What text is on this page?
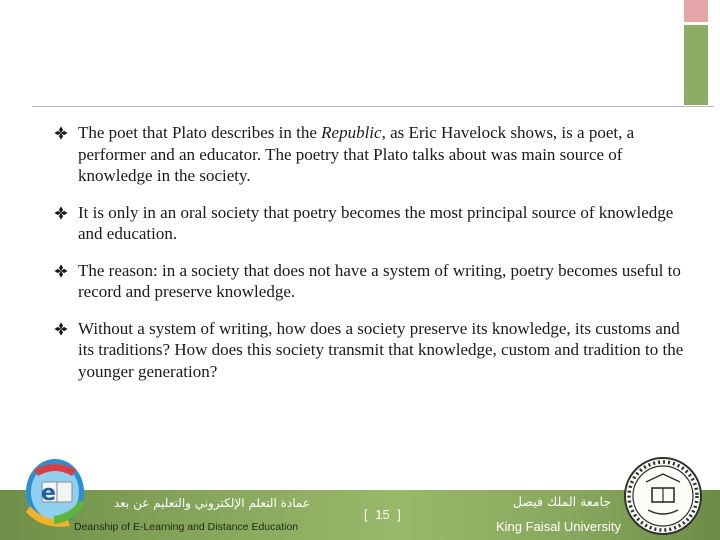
The poet that Plato describes in the Republic, as Eric Havelock shows, is a poet, a performer and an educator. The poetry that Plato talks about was main source of knowledge in the society.
It is only in an oral society that poetry becomes the most principal source of knowledge and education.
The reason: in a society that does not have a system of writing, poetry becomes useful to record and preserve knowledge.
Without a system of writing, how does a society preserve its knowledge, its customs and its traditions? How does this society transmit that knowledge, custom and tradition to the younger generation?
e	عمادة التعلم الإلكتروني والتعليم عن بعد
Deanship of E-Learning and Distance Education
[ 15 ]
جامعة الملك فيصل
King Faisal University
